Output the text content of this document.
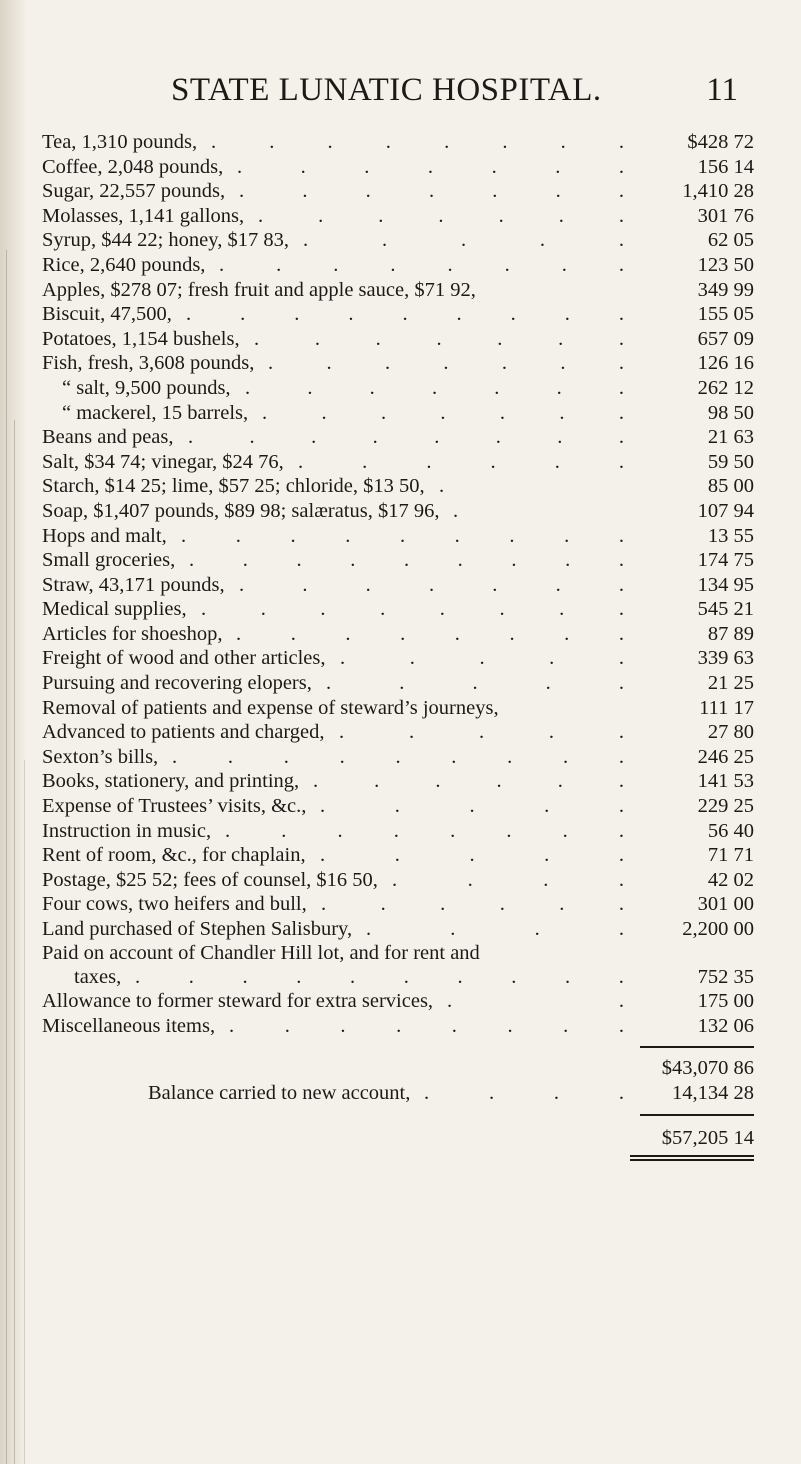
STATE LUNATIC HOSPITAL.	11
Tea, 1,310 pounds, .	.	.	.	.	.	.	.	$428 72
Coffee, 2,048 pounds, .	.	.	.	.	.	.	156 14
Sugar, 22,557 pounds, .	.	.	.	.	.	.	1,410 28
Molasses, 1,141 gallons, .	.	.	.	.	.	.	301 76
Syrup, $44 22; honey, $17 83, .	.	.	.	.	62 05
Rice, 2,640 pounds, .	.	.	.	.	.	.	.	123 50
Apples, $278 07; fresh fruit and apple sauce, $71 92,	349 99
Biscuit, 47,500, . . . . . . . . .	155 05
Potatoes, 1,154 bushels, .	.	.	.	.	.	.	657 09
Fish, fresh, 3,608 pounds, .	.	.	.	.	.	.	126 16
“ salt, 9,500 pounds, .	.	.	.	.	.	.	262 12
“ mackerel, 15 barrels, .	.	.	.	.	.	.	98 50
Beans and peas, .	.	.	.	.	.	.	.	21 63
Salt, $34 74; vinegar, $24 76, .	.	.	.	.	.	59 50
Starch, $14 25; lime, $57 25; chloride, $13 50, .	85 00
Soap, $1,407 pounds, $89 98; salæratus, $17 96, .	107 94
Hops and malt, . . . . . . . . .	13 55
Small groceries, . . . . . . . . .	174 75
Straw, 43,171 pounds, .	.	.	.	.	.	.	134 95
Medical supplies, .	.	.	.	.	.	.	.	545 21
Articles for shoeshop, . . . . . . . .	87 89
Freight of wood and other articles, .	.	.	.	.	339 63
Pursuing and recovering elopers, .	.	.	.	.	21 25
Removal of patients and expense of steward’s journeys,	111 17
Advanced to patients and charged, .	.	.	.	.	27 80
Sexton’s bills, . . . . . . . . .	246 25
Books, stationery, and printing, .	.	.	.	.	.	141 53
Expense of Trustees’ visits, &c., .	.	.	.	.	229 25
Instruction in music, . . . . . . . .	56 40
Rent of room, &c., for chaplain, .	.	.	.	.	71 71
Postage, $25 52; fees of counsel, $16 50, .	.	.	.	42 02
Four cows, two heifers and bull, .	.	.	.	.	.	301 00
Land purchased of Stephen Salisbury, .	.	.	.	2,200 00
Paid on account of Chandler Hill lot, and for rent and
taxes, . . . . . . . . . .	752 35
Allowance to former steward for extra services, .	.	175 00
Miscellaneous items, . . . . . . . .	132 06
$43,070 86
Balance carried to new account, .	.	.	.	14,134 28
$57,205 14
